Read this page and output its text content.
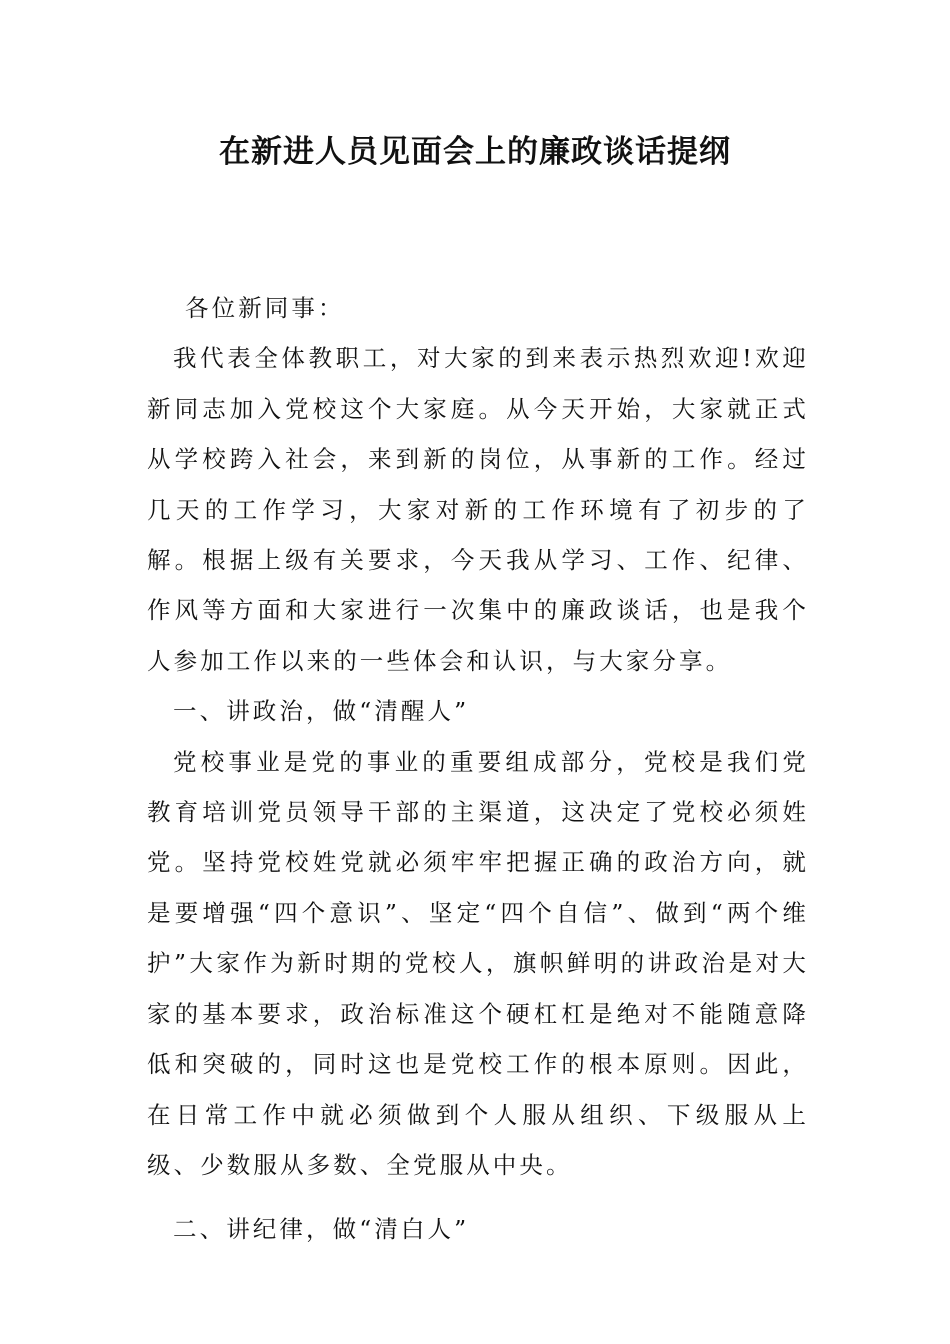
在新进人员见面会上的廉政谈话提纲

各位新同事：

我代表全体教职工，对大家的到来表示热烈欢迎!欢迎新同志加入党校这个大家庭。从今天开始，大家就正式从学校跨入社会，来到新的岗位，从事新的工作。经过几天的工作学习，大家对新的工作环境有了初步的了解。根据上级有关要求，今天我从学习、工作、纪律、作风等方面和大家进行一次集中的廉政谈话，也是我个人参加工作以来的一些体会和认识，与大家分享。

一、讲政治，做“清醒人”

党校事业是党的事业的重要组成部分，党校是我们党教育培训党员领导干部的主渠道，这决定了党校必须姓党。坚持党校姓党就必须牢牢把握正确的政治方向，就是要增强“四个意识”、坚定“四个自信”、做到“两个维护”大家作为新时期的党校人，旗帜鲜明的讲政治是对大家的基本要求，政治标准这个硬杠杠是绝对不能随意降低和突破的，同时这也是党校工作的根本原则。因此，在日常工作中就必须做到个人服从组织、下级服从上级、少数服从多数、全党服从中央。

二、讲纪律，做“清白人”
